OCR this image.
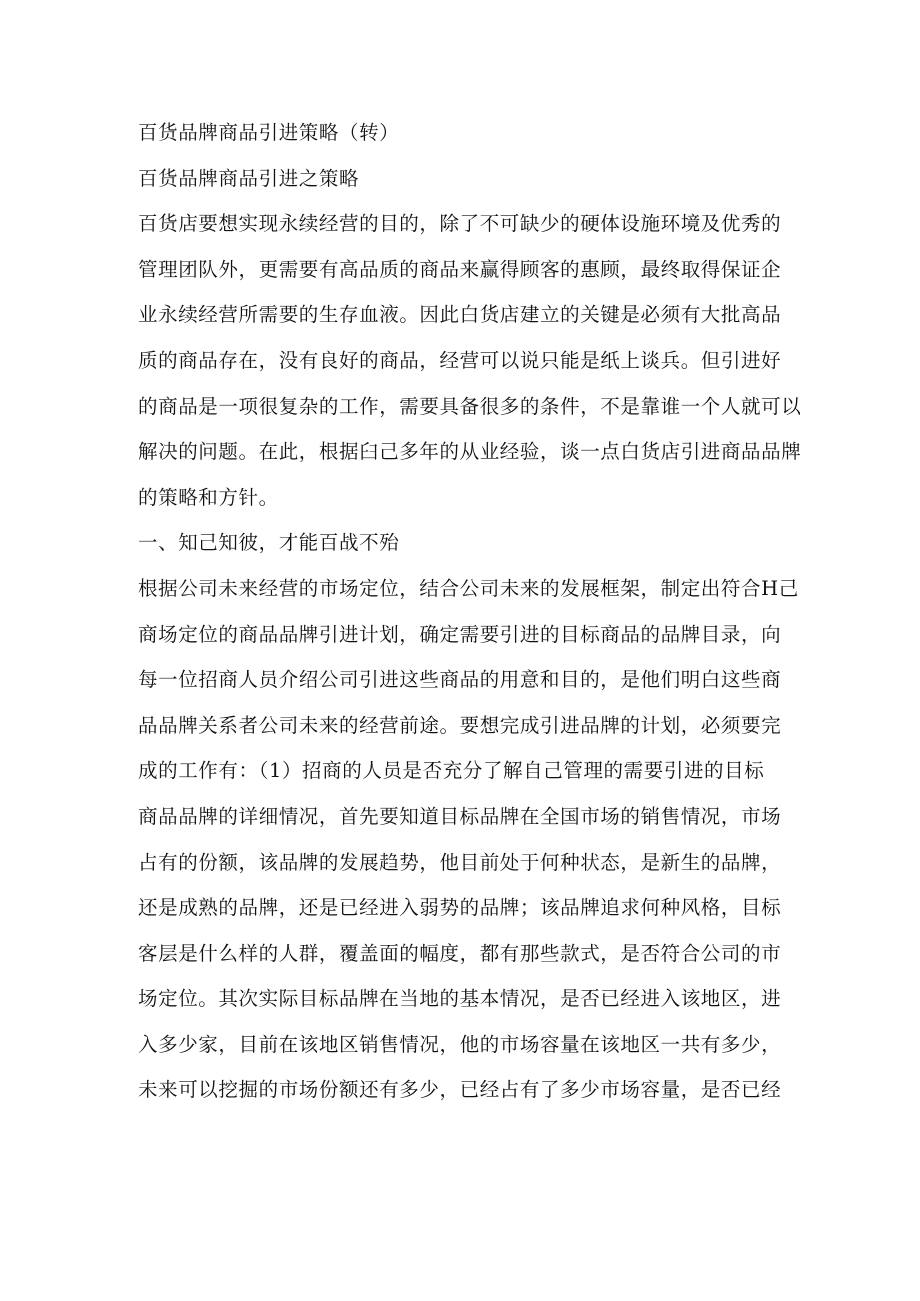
百货品牌商品引进策略（转）

百货品牌商品引进之策略

百货店要想实现永续经营的目的，除了不可缺少的硬体设施环境及优秀的

管理团队外，更需要有高品质的商品来赢得顾客的惠顾，最终取得保证企

业永续经营所需要的生存血液。因此白货店建立的关键是必须有大批高品

质的商品存在，没有良好的商品，经营可以说只能是纸上谈兵。但引进好

的商品是一项很复杂的工作，需要具备很多的条件，不是靠谁一个人就可以

解决的问题。在此，根据臼己多年的从业经验，谈一点白货店引进商品品牌

的策略和方针。

一、知己知彼，才能百战不殆

根据公司未来经营的市场定位，结合公司未来的发展框架，制定出符合H己

商场定位的商品品牌引进计划，确定需要引进的目标商品的品牌目录，向

每一位招商人员介绍公司引进这些商品的用意和目的，是他们明白这些商

品品牌关系者公司未来的经营前途。要想完成引进品牌的计划，必须要完

成的工作有：（1）招商的人员是否充分了解自己管理的需要引进的目标

商品品牌的详细情况，首先要知道目标品牌在全国市场的销售情况，市场

占有的份额，该品牌的发展趋势，他目前处于何种状态，是新生的品牌，

还是成熟的品牌，还是已经进入弱势的品牌；该品牌追求何种风格，目标

客层是什么样的人群，覆盖面的幅度，都有那些款式，是否符合公司的市

场定位。其次实际目标品牌在当地的基本情况，是否已经进入该地区，进

入多少家，目前在该地区销售情况，他的市场容量在该地区一共有多少，

未来可以挖掘的市场份额还有多少，已经占有了多少市场容量，是否已经
